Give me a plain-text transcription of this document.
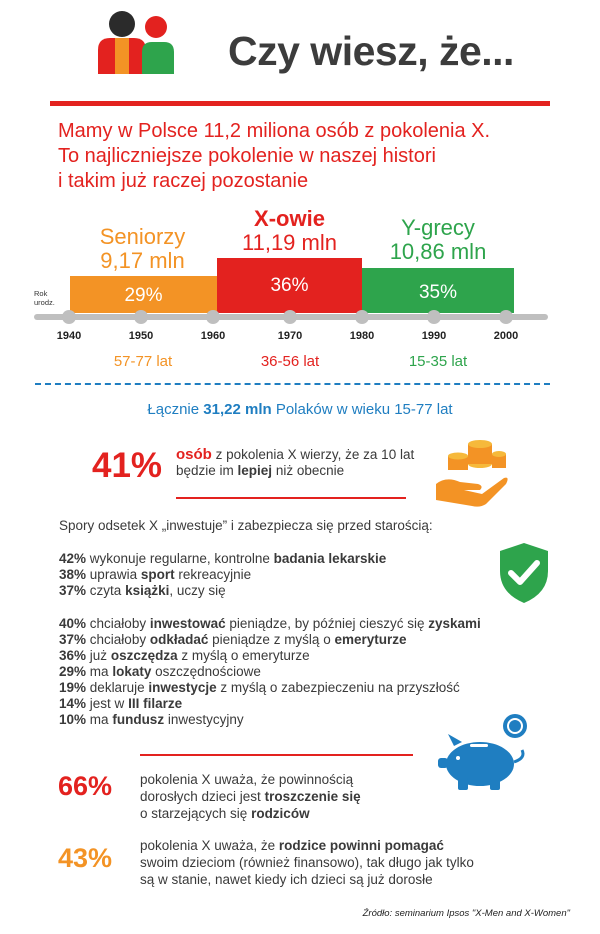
Czy wiesz, że...
Mamy w Polsce 11,2 miliona osób z pokolenia X.
To najliczniejsze pokolenie w naszej histori
i takim już raczej pozostanie
Seniorzy
9,17 mln
X-owie
11,19 mln
Y-grecy
10,86 mln
29%	36%	35%
Rok
urodz.
1940	1950	1960	1970	1980	1990	2000
57-77 lat	36-56 lat	15-35 lat
Łącznie 31,22 mln Polaków w wieku 15-77 lat
41% osób z pokolenia X wierzy, że za 10 lat
będzie im lepiej niż obecnie
Spory odsetek X „inwestuje” i zabezpiecza się przed starością:
42% wykonuje regularne, kontrolne badania lekarskie
38% uprawia sport rekreacyjnie
37% czyta książki, uczy się
40% chciałoby inwestować pieniądze, by później cieszyć się zyskami
37% chciałoby odkładać pieniądze z myślą o emeryturze
36% już oszczędza z myślą o emeryturze
29% ma lokaty oszczędnościowe
19% deklaruje inwestycje z myślą o zabezpieczeniu na przyszłość
14% jest w III filarze
10% ma fundusz inwestycyjny
66% pokolenia X uważa, że powinnością
dorosłych dzieci jest troszczenie się
o starzejących się rodziców
43% pokolenia X uważa, że rodzice powinni pomagać
swoim dzieciom (również finansowo), tak długo jak tylko
są w stanie, nawet kiedy ich dzieci są już dorosłe
Źródło: seminarium Ipsos "X-Men and X-Women"
